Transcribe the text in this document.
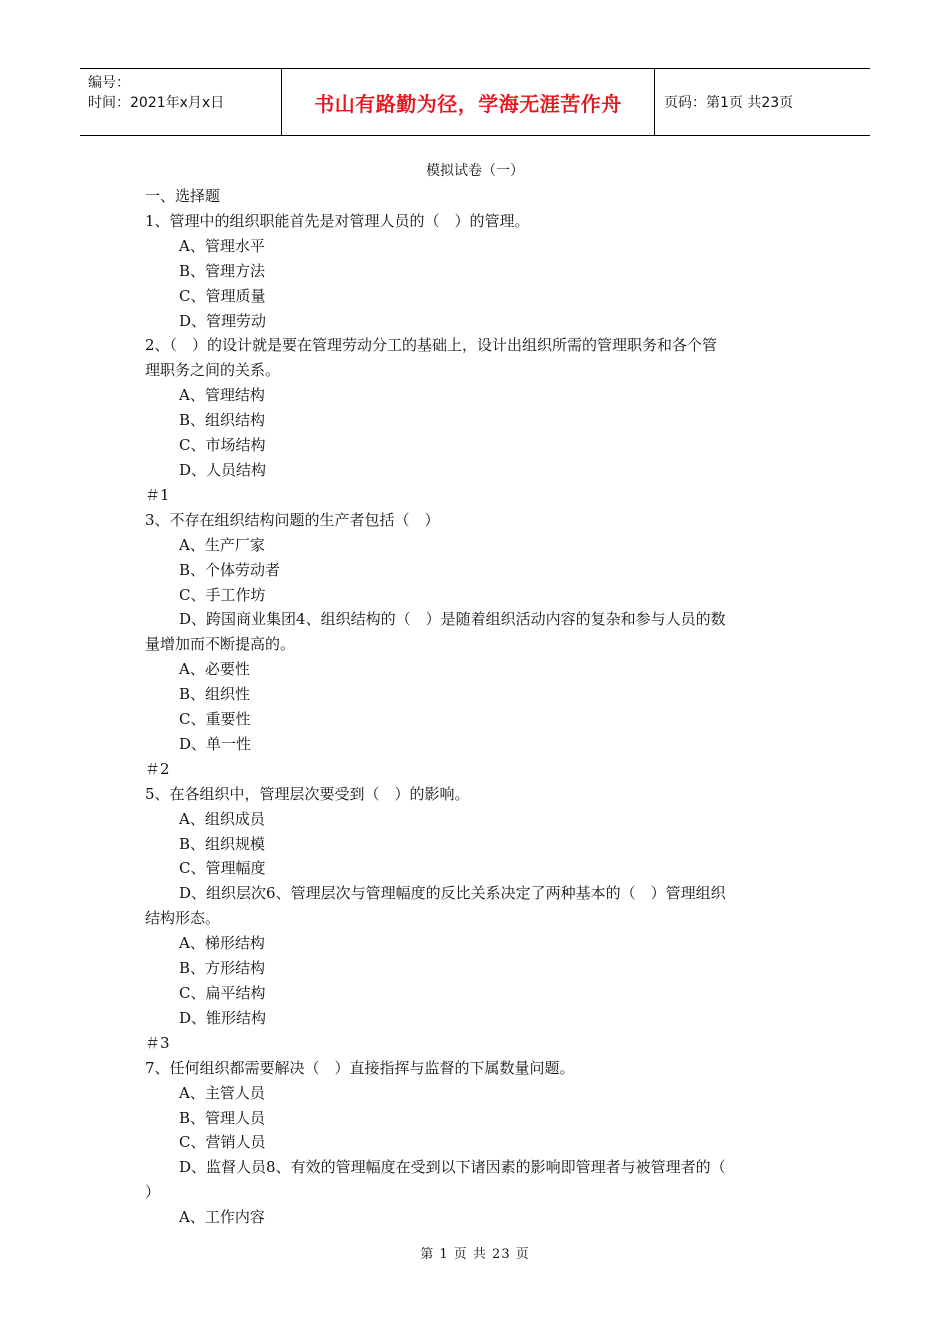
编号：
时间：2021年x月x日	书山有路勤为径，学海无涯苦作舟	页码：第1页 共23页
模拟试卷（一）

一、选择题

1、管理中的组织职能首先是对管理人员的（　）的管理。

A、管理水平

B、管理方法

C、管理质量

D、管理劳动

2、（　）的设计就是要在管理劳动分工的基础上，设计出组织所需的管理职务和各个管

理职务之间的关系。

A、管理结构

B、组织结构

C、市场结构

D、人员结构

＃1

3、不存在组织结构问题的生产者包括（　）

A、生产厂家

B、个体劳动者

C、手工作坊

D、跨国商业集团4、组织结构的（　）是随着组织活动内容的复杂和参与人员的数

量增加而不断提高的。

A、必要性

B、组织性

C、重要性

D、单一性

＃2

5、在各组织中，管理层次要受到（　）的影响。

A、组织成员

B、组织规模

C、管理幅度

D、组织层次6、管理层次与管理幅度的反比关系决定了两种基本的（　）管理组织

结构形态。

A、梯形结构

B、方形结构

C、扁平结构

D、锥形结构

＃3

7、任何组织都需要解决（　）直接指挥与监督的下属数量问题。

A、主管人员

B、管理人员

C、营销人员

D、监督人员8、有效的管理幅度在受到以下诸因素的影响即管理者与被管理者的（

）

A、工作内容

第 1 页 共 23 页
